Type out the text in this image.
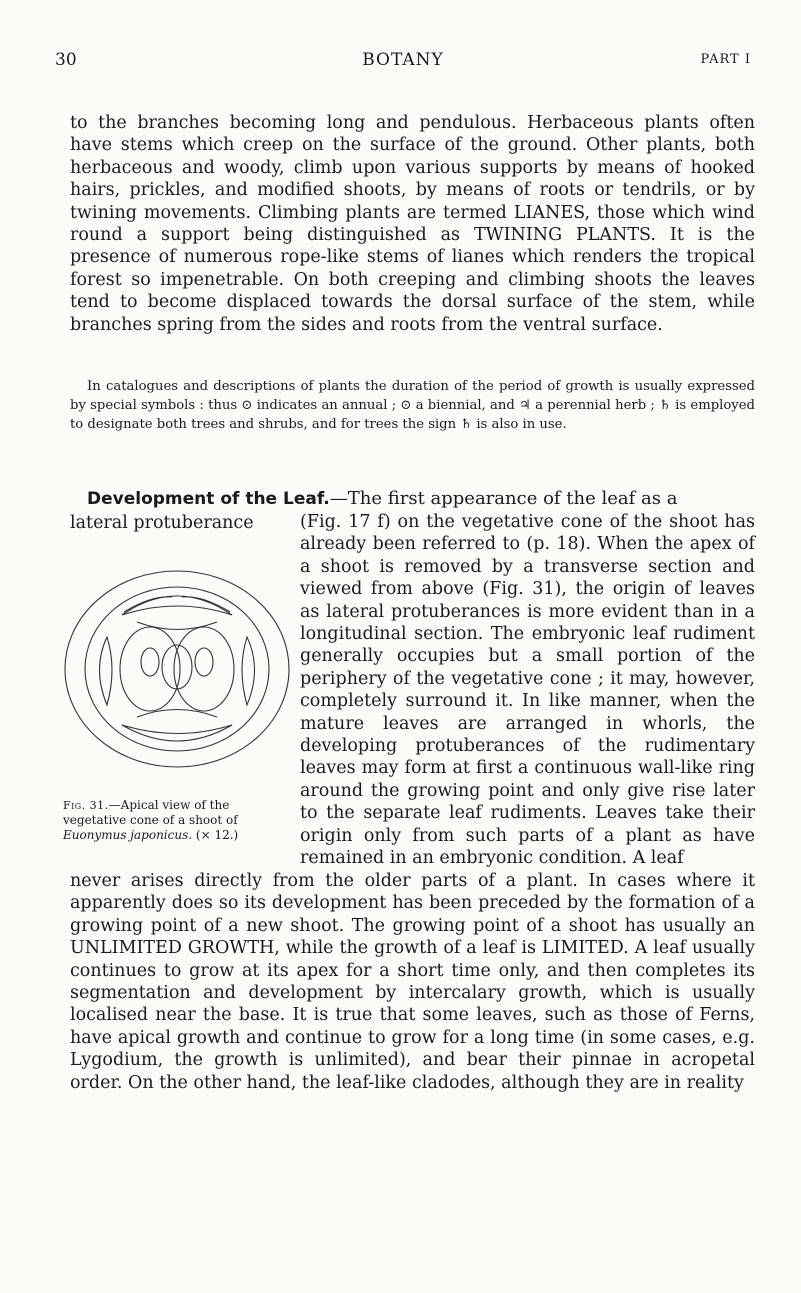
30	BOTANY	PART I

to the branches becoming long and pendulous. Herbaceous plants often have stems which creep on the surface of the ground. Other plants, both herbaceous and woody, climb upon various supports by means of hooked hairs, prickles, and modified shoots, by means of roots or tendrils, or by twining movements. Climbing plants are termed LIANES, those which wind round a support being distinguished as TWINING PLANTS. It is the presence of numerous rope-like stems of lianes which renders the tropical forest so impenetrable. On both creeping and climbing shoots the leaves tend to become displaced towards the dorsal surface of the stem, while branches spring from the sides and roots from the ventral surface.

In catalogues and descriptions of plants the duration of the period of growth is usually expressed by special symbols : thus ⊙ indicates an annual ; ⊙ a biennial, and ♃ a perennial herb ; ♄ is employed to designate both trees and shrubs, and for trees the sign ♄ is also in use.

Development of the Leaf.—The first appearance of the leaf as a
lateral protuberance
Fig. 31.—Apical view of the vegetative cone of a shoot of Euonymus japonicus. (× 12.)

(Fig. 17 f) on the vegetative cone of the shoot has already been referred to (p. 18). When the apex of a shoot is removed by a transverse section and viewed from above (Fig. 31), the origin of leaves as lateral protuberances is more evident than in a longitudinal section. The embryonic leaf rudiment generally occupies but a small portion of the periphery of the vegetative cone ; it may, however, completely surround it. In like manner, when the mature leaves are arranged in whorls, the developing protuberances of the rudimentary leaves may form at first a continuous wall-like ring around the growing point and only give rise later to the separate leaf rudiments. Leaves take their origin only from such parts of a plant as have remained in an embryonic condition. A leaf

never arises directly from the older parts of a plant. In cases where it apparently does so its development has been preceded by the formation of a growing point of a new shoot. The growing point of a shoot has usually an UNLIMITED GROWTH, while the growth of a leaf is LIMITED. A leaf usually continues to grow at its apex for a short time only, and then completes its segmentation and development by intercalary growth, which is usually localised near the base. It is true that some leaves, such as those of Ferns, have apical growth and continue to grow for a long time (in some cases, e.g. Lygodium, the growth is unlimited), and bear their pinnae in acropetal order. On the other hand, the leaf-like cladodes, although they are in reality
